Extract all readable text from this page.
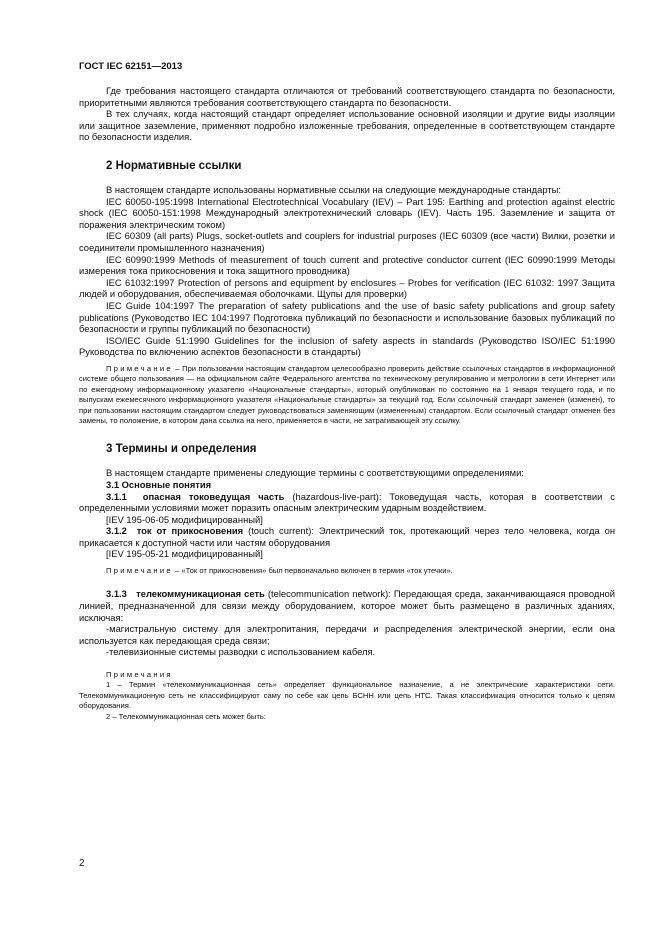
ГОСТ IEC 62151—2013

Где требования настоящего стандарта отличаются от требований соответствующего стандарта по безопасности, приоритетными являются требования соответствующего стандарта по безопасности.

В тех случаях, когда настоящий стандарт определяет использование основной изоляции и другие виды изоляции или защитное заземление, применяют подробно изложенные требования, определенные в соответствующем стандарте по безопасности изделия.

2 Нормативные ссылки

В настоящем стандарте использованы нормативные ссылки на следующие международные стандарты:

IEC 60050-195:1998 International Electrotechnical Vocabulary (IEV) – Part 195: Earthing and protection against electric shock (IEC 60050-151:1998 Международный электротехнический словарь (IEV). Часть 195. Заземление и защита от поражения электрическим током)

IEC 60309 (all parts) Plugs, socket-outlets and couplers for industrial purposes (IEC 60309 (все части) Вилки, розетки и соединители промышленного назначения)

IEC 60990:1999 Methods of measurement of touch current and protective conductor current (IEC 60990:1999 Методы измерения тока прикосновения и тока защитного проводника)

IEC 61032:1997 Protection of persons and equipment by enclosures – Probes for verification (IEC 61032: 1997 Защита людей и оборудования, обеспечиваемая оболочками. Щупы для проверки)

IEC Guide 104:1997 The preparation of safety publications and the use of basic safety publications and group safety publications (Руководство IEC 104:1997 Подготовка публикаций по безопасности и использование базовых публикаций по безопасности и группы публикаций по безопасности)

ISO/IEC Guide 51:1990 Guidelines for the inclusion of safety aspects in standards (Руководство ISO/IEC 51:1990 Руководства по включению аспектов безопасности в стандарты)

Примечание – При пользовании настоящим стандартом целесообразно проверить действие ссылочных стандартов в информационной системе общего пользования — на официальном сайте Федерального агентства по техническому регулированию и метрологии в сети Интернет или по ежегодному информационному указателю «Национальные стандарты», который опубликован по состоянию на 1 января текущего года, и по выпускам ежемесячного информационного указателя «Национальные стандарты» за текущий год. Если ссылочный стандарт заменен (изменен), то при пользовании настоящим стандартом следует руководствоваться заменяющим (измененным) стандартом. Если ссылочный стандарт отменен без замены, то положение, в котором дана ссылка на него, применяется в части, не затрагивающей эту ссылку.

3 Термины и определения

В настоящем стандарте применены следующие термины с соответствующими определениями:

3.1 Основные понятия

3.1.1 опасная токоведущая часть (hazardous-live-part): Токоведущая часть, которая в соответствии с определенными условиями может поразить опасным электрическим ударным воздействием.

[IEV 195-06-05 модифицированный]

3.1.2 ток от прикосновения (touch current): Электрический ток, протекающий через тело человека, когда он прикасается к доступной части или частям оборудования

[IEV 195-05-21 модифицированный]

Примечание – «Ток от прикосновения» был первоначально включен в термин «ток утечки».

3.1.3 телекоммуникационая сеть (telecommunication network): Передающая среда, заканчивающаяся проводной линией, предназначенной для связи между оборудованием, которое может быть размещено в различных зданиях, исключая:

-магистральную систему для электропитания, передачи и распределения электрической энергии, если она используется как передающая среда связи;

-телевизионные системы разводки с использованием кабеля.

Примечания

1 – Термин «телекоммуникационная сеть» определяет функциональное назначение, а не электрические характеристики сети. Телекоммуникационную сеть не классифицируют саму по себе как цепь БСНН или цепь НТС. Такая классификация относится только к цепям оборудования.

2 – Телекоммуникационная сеть может быть:

2
